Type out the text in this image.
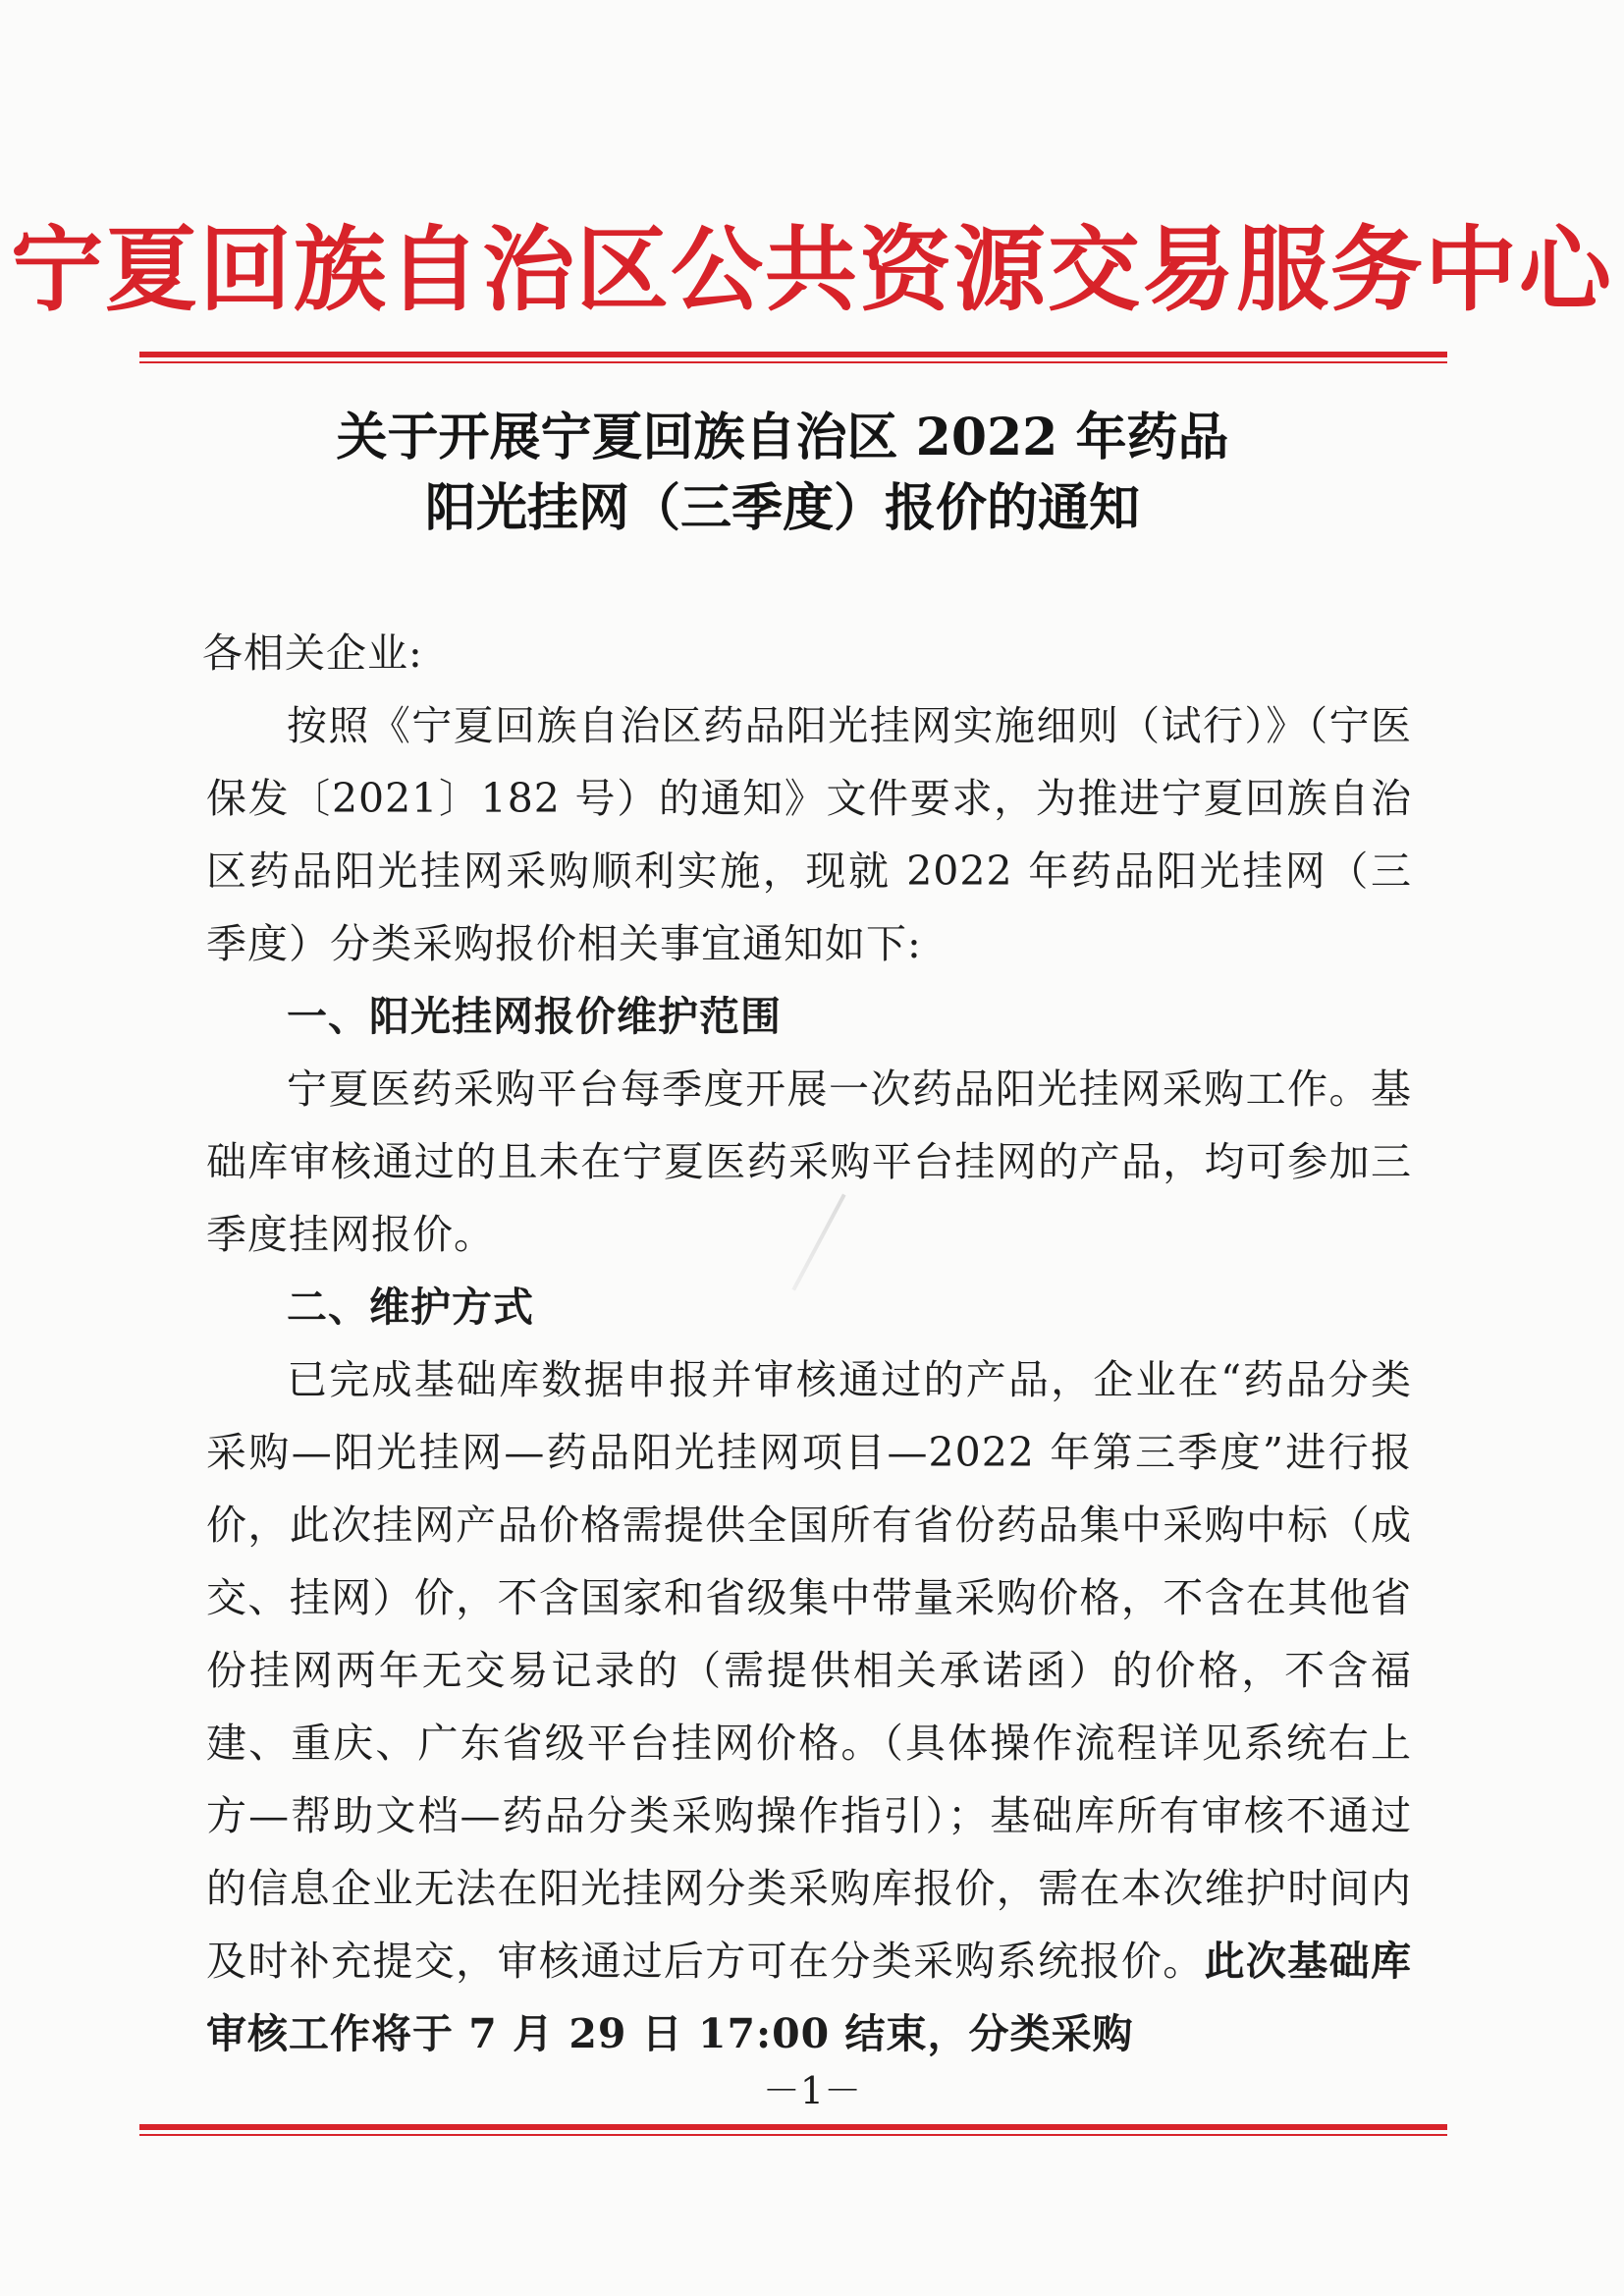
宁夏回族自治区公共资源交易服务中心
关于开展宁夏回族自治区 2022 年药品
阳光挂网（三季度）报价的通知

各相关企业:

按照《宁夏回族自治区药品阳光挂网实施细则（试行）》（宁医保发〔2021〕182 号）的通知》文件要求，为推进宁夏回族自治区药品阳光挂网采购顺利实施，现就 2022 年药品阳光挂网（三季度）分类采购报价相关事宜通知如下:

一、阳光挂网报价维护范围

宁夏医药采购平台每季度开展一次药品阳光挂网采购工作。基础库审核通过的且未在宁夏医药采购平台挂网的产品，均可参加三季度挂网报价。

二、维护方式

已完成基础库数据申报并审核通过的产品，企业在“药品分类采购—阳光挂网—药品阳光挂网项目—2022 年第三季度”进行报价，此次挂网产品价格需提供全国所有省份药品集中采购中标（成交、挂网）价，不含国家和省级集中带量采购价格，不含在其他省份挂网两年无交易记录的（需提供相关承诺函）的价格，不含福建、重庆、广东省级平台挂网价格。（具体操作流程详见系统右上方—帮助文档—药品分类采购操作指引）；基础库所有审核不通过的信息企业无法在阳光挂网分类采购库报价，需在本次维护时间内及时补充提交，审核通过后方可在分类采购系统报价。此次基础库审核工作将于 7 月 29 日 17:00 结束，分类采购

－1－
